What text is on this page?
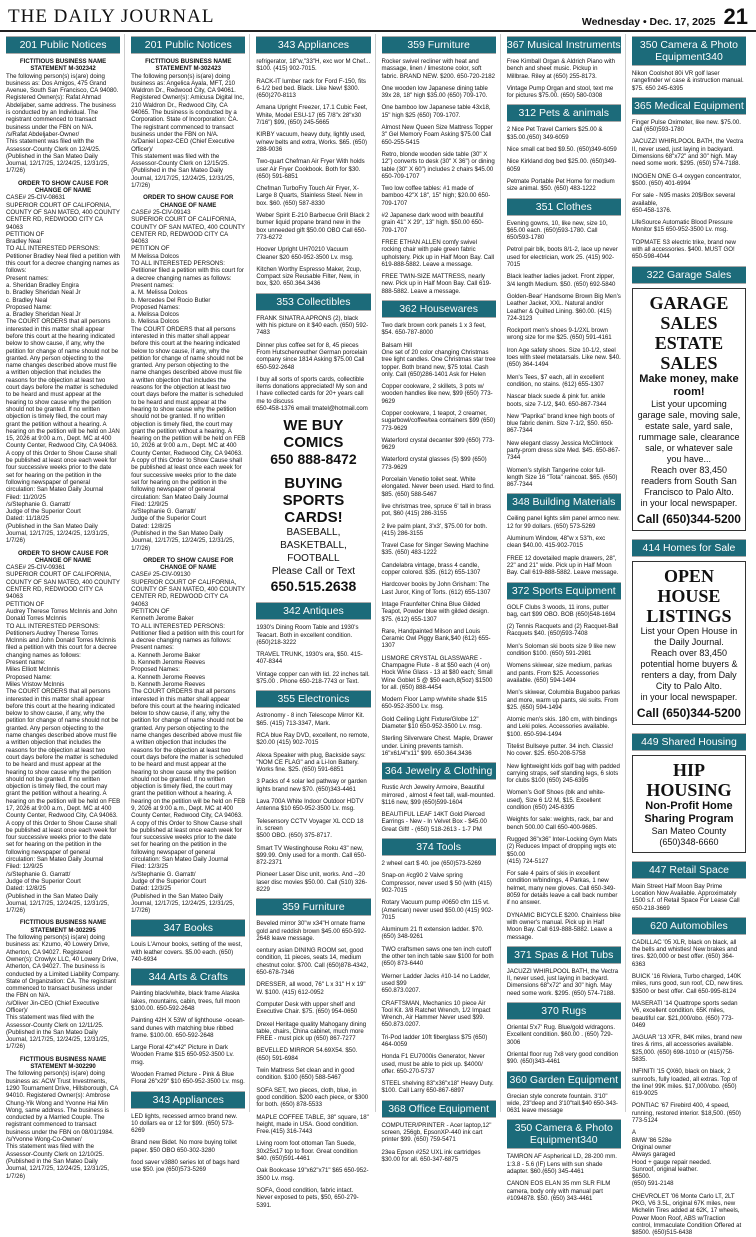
THE DAILY JOURNAL	Wednesday • Dec. 17, 2025 21
201 Public Notices
FICTITIOUS BUSINESS NAME STATEMENT M-302342
The following person(s) is(are) doing business as: Dos Amigos, 475 Grand Avenue, South San Francisco, CA 94080. Registered Owner(s): Rafat Ahmad Abdeljaber, same address. The business is conducted by an Individual. The registrant commenced to transact business under the FBN on N/A.
/s/Rafat Abdeljaber-Owner/
This statement was filed with the Assessor-County Clerk on 12/4/25. (Published in the San Mateo Daily Journal, 12/17/25, 12/24/25, 12/31/25, 1/7/26)
ORDER TO SHOW CAUSE FOR CHANGE OF NAME
CASE# 25-CIV-08631
SUPERIOR COURT OF CALIFORNIA, COUNTY OF SAN MATEO, 400 COUNTY CENTER RD, REDWOOD CITY CA 94063
PETITION OF
Bradley Neal
TO ALL INTERESTED PERSONS: Petitioner Bradley Neal filed a petition with this court for a decree changing names as follows:
Present names:
a. Sheridan Bradley Engira
b. Bradley Sheridan Neal Jr
c. Bradley Neal
Proposed Name:
a. Bradley Sheridan Neal Jr
The COURT ORDERS that all persons interested in this matter shall appear before this court at the hearing indicated below to show cause, if any, why the petition for change of name should not be granted. Any person objecting to the name changes described above must file a written objection that includes the reasons for the objection at least two court days before the matter is scheduled to be heard and must appear at the hearing to show cause why the petition should not be granted. If no written objection is timely filed, the court may grant the petition without a hearing. A hearing on the petition will be held on JAN 15, 2026 at 9:00 a.m., Dept. MC at 400 County Center, Redwood City, CA 94063. A copy of this Order to Show Cause shall be published at least once each week for four successive weeks prior to the date set for hearing on the petition in the following newspaper of general circulation: San Mateo Daily Journal
Filed: 11/20/25
/s/Stephanie G. Garratt/
Judge of the Superior Court
Dated: 11/18/25
(Published in the San Mateo Daily Journal, 12/17/25, 12/24/25, 12/31/25, 1/7/26)
ORDER TO SHOW CAUSE FOR CHANGE OF NAME
CASE# 25-CIV-09361
SUPERIOR COURT OF CALIFORNIA, COUNTY OF SAN MATEO, 400 COUNTY CENTER RD, REDWOOD CITY CA 94063
PETITION OF
Audrey Therese Torres McInnis and John Donald Torres McInnis
TO ALL INTERESTED PERSONS: Petitioners Audrey Therese Torres McInnis and John Donald Torres McInnis filed a petition with this court for a decree changing names as follows:
Present name:
Miles Elliott McInnis
Proposed Name:
Miles Vristow McInnis
The COURT ORDERS that all persons interested in this matter shall appear before this court at the hearing indicated below to show cause, if any, why the petition for change of name should not be granted. Any person objecting to the name changes described above must file a written objection that includes the reasons for the objection at least two court days before the matter is scheduled to be heard and must appear at the hearing to show cause why the petition should not be granted. If no written objection is timely filed, the court may grant the petition without a hearing. A hearing on the petition will be held on FEB 17, 2026 at 9:00 a.m., Dept. MC at 400 County Center, Redwood City, CA 94063. A copy of this Order to Show Cause shall be published at least once each week for four successive weeks prior to the date set for hearing on the petition in the following newspaper of general circulation: San Mateo Daily Journal
Filed: 12/9/25
/s/Stephanie G. Garratt/
Judge of the Superior Court
Dated: 12/8/25
(Published in the San Mateo Daily Journal, 12/17/25, 12/24/25, 12/31/25, 1/7/26)
FICTITIOUS BUSINESS NAME STATEMENT M-302295
The following person(s) is(are) doing business as: Kzumo, 40 Lowery Drive, Atherton, CA 94027. Registered Owner(s): Crowlyx LLC, 40 Lowery Drive, Atherton, CA 94027. The business is conducted by a Limited Liability Company. State of Organization: CA. The registrant commenced to transact business under the FBN on N/A.
/s/Oliver Jin-CEO (Chief Executive Officer)/
This statement was filed with the Assessor-County Clerk on 12/11/25. (Published in the San Mateo Daily Journal, 12/17/25, 12/24/25, 12/31/25, 1/7/26)
FICTITIOUS BUSINESS NAME STATEMENT M-302290
The following person(s) is(are) doing business as: ACW Trust Investments, 1290 Tournament Drive, Hillsborough, CA 94010. Registered Owner(s): Ambrose Chung-Yik Wong and Yvonne Hai Min Wong, same address. The business is conducted by a Married Couple. The registrant commenced to transact business under the FBN on 08/01/1984.
/s/Yvonne Wong-Co-Owner/
This statement was filed with the Assessor-County Clerk on 12/10/25. (Published in the San Mateo Daily Journal, 12/17/25, 12/24/25, 12/31/25, 1/7/26)
201 Public Notices
FICTITIOUS BUSINESS NAME STATEMENT M-302423
The following person(s) is(are) doing business as: Angelica Ayala, MFT, 210 Waldron Dr., Redwood City, CA 94061. Registered Owner(s): Amicusa Digital Inc, 210 Waldron Dr., Redwood City, CA 94065. The business is conducted by a Corporation. State of Incorporation: CA. The registrant commenced to transact business under the FBN on N/A.
/s/Daniel Lopez-CEO (Chief Executive Officer)/
This statement was filed with the Assessor-County Clerk on 12/15/25. (Published in the San Mateo Daily Journal, 12/17/25, 12/24/25, 12/31/25, 1/7/26)
ORDER TO SHOW CAUSE FOR CHANGE OF NAME
CASE# 25-CIV-09143
SUPERIOR COURT OF CALIFORNIA, COUNTY OF SAN MATEO, 400 COUNTY CENTER RD, REDWOOD CITY CA 94063
PETITION OF
M Melissa Dolcos
TO ALL INTERESTED PERSONS: Petitioner filed a petition with this court for a decree changing names as follows:
Present names:
a. M. Melissa Dolcos
b. Mercedes Del Rocio Butler
Proposed Names:
a. Melissa Dolcos
b. Melissa Dolcos
The COURT ORDERS that all persons interested in this matter shall appear before this court at the hearing indicated below to show cause, if any, why the petition for change of name should not be granted. Any person objecting to the name changes described above must file a written objection that includes the reasons for the objection at least two court days before the matter is scheduled to be heard and must appear at the hearing to show cause why the petition should not be granted. If no written objection is timely filed, the court may grant the petition without a hearing. A hearing on the petition will be held on FEB 10, 2026 at 9:00 a.m., Dept. MC at 400 County Center, Redwood City, CA 94063. A copy of this Order to Show Cause shall be published at least once each week for four successive weeks prior to the date set for hearing on the petition in the following newspaper of general circulation: San Mateo Daily Journal
Filed: 12/9/25
/s/Stephanie G. Garratt/
Judge of the Superior Court
Dated: 12/8/25
(Published in the San Mateo Daily Journal, 12/17/25, 12/24/25, 12/31/25, 1/7/26)
ORDER TO SHOW CAUSE FOR CHANGE OF NAME
CASE# 25-CIV-09130
SUPERIOR COURT OF CALIFORNIA, COUNTY OF SAN MATEO, 400 COUNTY CENTER RD, REDWOOD CITY CA 94063
PETITION OF
Kenneth Jerome Baker
TO ALL INTERESTED PERSONS: Petitioner filed a petition with this court for a decree changing names as follows:
Present names:
a. Kenneth Jerome Baker
b. Kenneth Jerome Reeves
Proposed Names:
a. Kenneth Jerome Reeves
b. Kenneth Jerome Reeves
The COURT ORDERS that all persons interested in this matter shall appear before this court at the hearing indicated below to show cause, if any, why the petition for change of name should not be granted. Any person objecting to the name changes described above must file a written objection that includes the reasons for the objection at least two court days before the matter is scheduled to be heard and must appear at the hearing to show cause why the petition should not be granted. If no written objection is timely filed, the court may grant the petition without a hearing. A hearing on the petition will be held on FEB 9, 2026 at 9:00 a.m., Dept. MC at 400 County Center, Redwood City, CA 94063. A copy of this Order to Show Cause shall be published at least once each week for four successive weeks prior to the date set for hearing on the petition in the following newspaper of general circulation: San Mateo Daily Journal
Filed: 12/3/25
/s/Stephanie G. Garratt/
Judge of the Superior Court
Dated: 12/3/25
(Published in the San Mateo Daily Journal, 12/17/25, 12/24/25, 12/31/25, 1/7/26)
347 Books
Louis L'Amour books, setting of the west, with leather covers. $5.00 each. (650) 740-6934
344 Arts & Crafts
Painting black/white, black frame Alaska lakes, mountains, cabin, trees, full moon $100.00. 650-592-2648
Painting 42H X 53W of lighthouse -ocean-sand dunes with matching blue ribbed frame. $100.00. 650-592-2648
Large Floral 42"x42" Picture in Dark Wooden Frame $15 650-952-3500 Lv. msg.
Wooden Framed Picture - Pink & Blue Floral 26"x29" $10 650-952-3500 Lv. msg.
343 Appliances
LED lights, recessed armco brand new. 10 dollars ea or 12 for $99. (650) 573-6269
Brand new Bidet. No more buying toilet paper. $50 OBO 650-302-3280
food saver v3880 series lot of bags hard use $50. joe (650)573-5269
343 Appliances
refrigerator, 18"w,"33"H, exc wor M Chef... $100. (415) 902-7015.
RACK-IT lumber rack for Ford F-150, fits 6-1/2 bed bed. Black. Like New! $300. (650)270-8113
Amana Upright Freezer, 17.1 Cubic Feet, White, Model ESU-17 (65 7/8"x 28"x30 7/16") $99, (650) 245-5665
KIRBY vacuum, heavy duty, lightly used, w/new belts and extra, Works. $65. (650) 288-9036
Two-quart Chefman Air Fryer With holds user Air Fryer Cookbook. Both for $30. (650) 591-6851
Chefman TurboFry Touch Air Fryer, X-Large 8 Quarts, Stainless Steel. New in box. $60. (650) 587-8330
Weber Spirit E-210 Barbecue Grill Black 2 burner liquid propane brand new in the box unneeded gift $50.00 OBO Call 650-773-6272
Hoover Upright UH70210 Vacuum Cleaner $20 650-952-3500 Lv. msg.
Kitchen Worthy Espresso Maker, 2cup, Compact size Reusable Filter, New, in box, $20. 650.364.3436
353 Collectibles
FRANK SINATRA APRONS (2), black with his picture on it $40 each. (650) 592-7483
Dinner plus coffee set for 8, 45 pieces From Hutschenreuther German porcelain company since 1814 Asking $75.00 Call 650-592-2648
I buy all sorts of sports cards, collectible items donations appreciated! My son and I have collected cards for 20+ years call me to discuss
650-458-1376 email tmatel@hotmail.com
WE BUY COMICS
650 888-8472
BUYING SPORTS CARDS!
BASEBALL, BASKETBALL, FOOTBALL
Please Call or Text
650.515.2638
342 Antiques
1930's Dining Room Table and 1930's Teacart. Both in excellent condition. (650)218-3222
TRAVEL TRUNK, 1930's era, $50. 415-407-8344
Vintage copper can with lid. 22 inches tall. $75.00 . Phone 650-218-7743 or Text.
355 Electronics
Astronomy - 8 inch Telescope Mirror Kit. $65. (415) 713-3347, Mark.
RCA blue Ray DVD, excellent, no remote, $20.00 (415) 902-7015
Alexa Speaker with plug, Backside says: "NOM CE FLAG" and a Li-Ion Battery. Works fine. $25. (650) 591-6851
3 Packs of 4 solar led pathway or garden lights brand new $70. (650)343-4461
Lava 700A White Indoor Outdoor HDTV Antenna $10 650-952-3500 Lv. msg.
Telesensory CCTV Voyager XL CCD 18 in. screen
$500 OBO. (650) 375-8717.
Smart TV Westinghouse Roku 43" new, $99.99. Only used for a month. Call 650-872-2371
Pioneer Laser Disc unit, works. And --20 laser disc movies $50.00. Call (510) 326-8229
359 Furniture
Beveled mirror 30"w x34"H ornate frame gold and reddish brown $45.00 650-592-2648 leave message.
century asian DINING ROOM set, good condition, 11 pieces, seats 14, medium chestnut color. $700. Call (650)878-4342, 650-678-7346
DRESSER, all wood, 76" L x 31" H x 19" W. $100. (415) 612-0952
Computer Desk with upper shelf and Executive Chair. $75. (650) 954-0650
Drexel Heritage quality Mahogany dining table, chairs, China cabinet, much more FREE - must pick up (650) 867-7277
BEVELLED MIRROR 54.69X54. $50. (650) 591-6984
Twin Mattress Set clean and in good condition. $100 (650) 588-5467
SOFA SET, two pieces, cloth, blue, in good condition. $200 each piece, or $300 for both. (650) 878-5533
MAPLE COFFEE TABLE, 38" square, 18" height, made in USA. Good condition. Free.(415) 316-7443
Living room foot ottoman Tan Suede, 30x25x17 top to floor. Great condition $40. (650)591-4461
Oak Bookcase 19"x62"x71" $65 650-952-3500 Lv. msg.
SOFA, Good condition, fabric intact. Never exposed to pets, $50, 650-279-5391.
359 Furniture
Rocker swivel recliner with heat and massage, linen / limestone color, soft fabric. BRAND NEW. $200. 650-720-2182
One wooden low Japanese dining table 39x 28, 18" high $35.00 (650) 709-170.
One bamboo low Japanese table 43x18, 15" high $25 (650) 709-1707.
Almost New Queen Size Mattress Topper 3" Gel Memory Foam Asking $75.00 Call 650-255-5415
Retro, blonde wooden side table (30" X 12") converts to desk (30" X 36") or dining table (30" X 60") includes 2 chairs $45.00 650-709-1707
Two low coffee tables: #1 made of bamboo 42"X 18", 15" high; $20.00 650-709-1707
#2 Japanese dark wood with beautiful grain 41" X 29", 13" high. $50.00 650-709-1707
FREE ETHAN ALLEN comfy swivel rocking chair with pale green fabric upholstery. Pick up in Half Moon Bay. Call 619-888-5882. Leave a message.
FREE TWIN-SIZE MATTRESS, nearly new. Pick up in Half Moon Bay. Call 619-888-5882. Leave a message.
362 Housewares
Two dark brown cork panels 1 x 3 feet, $54. 650-787-8000
Balsam Hill
One set of 20 color changing Christmas tree light candles. One Christmas star tree topper. Both brand new, $75 total. Cash only. Call (650)286-1401 Ask for Helen
Copper cookware, 2 skillets, 3 pots w/ wooden handles like new, $99 (650) 773-9629
Copper cookware, 1 teapot, 2 creamer, sugarbowl/coffee/tea containers $99 (650) 773-9629
Waterford crystal decanter $99 (650) 773-9629
Waterford crystal glasses (5) $99 (650) 773-9629
Porcelain Venetio toilet seat. White elongated. Never been used. Hard to find. $85. (650) 588-5467
live christmas tree, spruce 6' tall in brass pot, $60 (415) 286-3155
2 live palm plant, 3'x3', $75.00 for both. (415) 286-3155
Travel Case for Singer Sewing Machine $35. (650) 483-1222
Candelabra vintage, brass 4 candle, copper colored. $35. (612) 655-1307
Hardcover books by John Grisham: The Last Juror, King of Torts. (612) 655-1307
Intage Fraunfelter China Blue Gilded Teapot, Powder blue with gilded design. $75. (612) 655-1307
Rare, Handpainted Milson and Louis Ceramic Owl Piggy Bank,$40 (612) 655-1307
LISMORE CRYSTAL GLASSWARE - Champagne Flute - 8 at $50 each (4 on) Hock Wine Glass - 13 at $80 each; Small Wine Goblet 5 @ $50 each,8(5oz) $1500 for all. (650) 888-4454
Modern Floor Lamp w/white shade $15 650-952-3500 Lv. msg.
Gold Ceiling Light Fixture/Globe 12" Diameter $10 650-952-3500 Lv. msg.
Sterling Silverware Chest. Maple, Drawer under. Lining prevents tarnish. 16"x61/4"x11" $99. 650.364.3436
364 Jewelry & Clothing
Rustic Arch Jewelry Armoire, Beautiful mirrored , almost 4 feet tall, wall-mounted. $116 new, $99 (650)599-1604
BEAUTIFUL LEAF 14KT Gold Pierced Earrings - New - In Velvet Box - $45.00 Great Gift! - (650) 518-2613 - 1-7 PM
374 Tools
2 wheel cart $ 40. joe (650)573-5269
Snap-on #cg90 2 Valve spring Compressor, never used $ 50 (with (415) 902-7015
Rotary Vacuum pump #0650 cfm 115 vt. (American) never used $50.00 (415) 902-7015
Aluminum 21 ft extension ladder. $70. (650) 348-9261
TWO craftsmen saws one ten inch cutoff the other ten inch table saw $100 for both
(650) 873-6440
Werner Ladder Jacks #10-14 no Ladder, used $99
650.873.0207.
CRAFTSMAN, Mechanics 10 piece Air Tool Kit. 3/8 Ratchet Wrench, 1/2 Impact Wrench, Air Hammer Never used $99. 650.873.0207.
Tri-Pod ladder 10ft fiberglass $75 (650) 464-0059
Honda F1 EU7000is Generator, Never used, must be able to pick up. $4000/ offer. 650-270-5737
STEEL shelving 83"x36"x18" Heavy Duty. $100. Call Larry 650-867-6897
368 Office Equipment
COMPUTER/PRINTER - Acer laptop,12" screen, 256gb, EpsonXP-440 ink cart printer $99. (650) 759-5471
23ea Epson #252 UXL ink cartridges $30.00 for all. 650-347-6875
367 Musical Instruments
Free Kimball Organ & Aldrich Piano with bench and sheet music. Pickup in Millbrae. Riley at (650) 255-8173.
Vintage Pump Organ and stool, text me for pictures $75.00. (650) 580-0308
312 Pets & animals
2 Nice Pet Travel Carriers $25.00 & $35.00.(650) 349-6059
Nice small cat bed $9.50. (650)349-6059
Nice Kirkland dog bed $25.00. (650)349-6059
Petmate Portable Pet Home for medium size animal. $50. (650) 483-1222
351 Clothes
Evening gowns, 10, like new, size 10, $65.00 each. (650)593-1780. Call 650/593-1780
Petrol pair blk, boots 8/1-2, lace up never used for electrician, work 25. (415) 902-7015
Black leather ladies jacket. Front zipper, 3/4 length Medium. $50. (650) 692-5840
Golden-Bear' Handsome Brown Big Men's Leather Jacket, XXL. Natural and/or Leather & Quilted Lining. $60.00. (415) 724-3123
Rockport men's shoes 9-1/2XL brown wrong size for me $25. (650) 591-4161
Iron Age safety shoes. Size 10-1/2, steel toes with steel metatarsals. Like new. $40.(650) 364-1494
Men's Tees, $7 each, all in excellent condition, no stains. (612) 655-1307
Nascar black suede & pink fur. ankle boots, size 7-1/2, $40. 650-867-7344
New "Paprika" brand knee high boots of blue fabric denim. Size 7-1/2, $50. 650-867-7344
New elegant classy Jessica McClintock party-prom dress size Med. $45. 650-867-7344
Women's stylish Tangerine color full-length Size 16 "Tota" raincoat. $65. (650) 867-7344
348 Building Materials
Ceiling panel lights slim panel armco new. 12 for 99 dollars. (650) 573-5269
Aluminum Window, 48"w x 53"h, exc clean $40.00. 415-902-7015
FREE 12 dovetailed maple drawers, 28", 22" and 21" wide. Pick up in Half Moon Bay. Call 619-888-5882. Leave message.
372 Sports Equipment
GOLF Clubs 3 woods, 11 irons, putter bag, cart $99 OBO. BOB (650)548-1694
(2) Tennis Racquets and (2) Racquet-Ball Racquets $40. (650)593-7408
Men's Soloman ski boots size 9 like new condition $100. (650) 591-2981
Womens skiwear, size medium, parkas and pants. From $25. Accessories available. (650) 594-1494
Men's skiwear, Columbia Bugaboo parkas and more, warm up pants, ski suits. From $25. (650) 594-1494
Atomic men's skis. 180 cm, with bindings and Leki poles. Accessories available. $100. 650-594-1494
Titelist Bullseye putter. 34 inch. Classic! No cover. $25. 650-208-5758
New lightweight kids golf bag with padded carrying straps, self standing legs, 6 slots for clubs $100 (650) 245-6395
Women's Golf Shoes (blk and white-used), Size 6 1/2 M, $15. Excellent condition (650) 245-6395
Weights for sale: weights, rack, bar and bench 500.00 Call 650-400-9685.
Rugged 36"x36" Inter-Locking Gym Mats (2) Reduces Impact of dropping wgts etc $50.00
(415) 724-5127
For sale 4 pairs of skis in excellent condition w/bindings, 4 Parkas, 1 new helmet, many new gloves. Call 650-349-8059 for details leave a call back number if no answer.
DYNAMIC BICYCLE $200. Chainless bike with owner's manual. Pick up in Half Moon Bay. Call 619-888-5882. Leave a message.
371 Spas & Hot Tubs
JACUZZI WHIRLPOOL BATH, the Vectra II, never used, just laying in backyard. Dimensions 68"x72" and 30" high. May need some work. $295. (650) 574-7188.
370 Rugs
Oriental 5'x7' Rug. Blue/gold w/dragons. Excellent condition. $60.00 . (650) 729-3006
Oriental floor rug 7x8 very good condition $90. (650)343-4461
360 Garden Equipment
Grecian style concrete fountain. 3'10" wide, 23"deep and 3'10"tall.$40 650-343-0631 leave message
350 Camera & Photo Equipment340
TAMRON AF Aspherical LD, 28-200 mm. 1:3.8 - 5.6 (IF) Lens with sun shade adapter. $60.(650) 345-4461
CANON EOS ELAN 35 mm SLR FILM camera, body only with manual part #1094878. $50. (650) 343-4461
350 Camera & Photo Equipment340
Nikon Coolshot 80i VR golf laser rangefinder w/ case & instruction manual. $75. 650 245-6395
365 Medical Equipment
Finger Pulse Oximeter, like new. $75.00. Call (650)593-1780
JACUZZI WHIRLPOOL BATH, the Vectra II, never used, just laying in backyard. Dimensions 68"x72" and 30" high. May need some work. $295. (650) 574-7188.
INOGEN ONE G-4 oxygen concentrator, $500. (650) 401-6994
For sale - N95 masks 20$/Box several available,
650-458-1376.
LifeSource Automatic Blood Pressure Monitor $15 650-952-3500 Lv. msg.
TOPMATE S3 electric trike, brand new with all accessories. $400. MUST GO! 650-598-4044
322 Garage Sales
GARAGE SALES ESTATE SALES
Make money, make room!
List your upcoming garage sale, moving sale, estate sale, yard sale, rummage sale, clearance sale, or whatever sale you have...
Reach over 83,450 readers from South San Francisco to Palo Alto.
in your local newspaper.
Call (650)344-5200
414 Homes for Sale
OPEN HOUSE LISTINGS
List your Open House in the Daily Journal.
Reach over 83,450 potential home buyers & renters a day, from Daly City to Palo Alto.
in your local newspaper.
Call (650)344-5200
449 Shared Housing
HIP HOUSING
Non-Profit Home Sharing Program
San Mateo County (650)348-6660
447 Retail Space
Main Street Half Moon Bay Prime Location Now Available. Approximately 1500 s.f. of Retail Space For Lease Call 650-218-3669
620 Automobiles
CADILLAC '05 XLR, black on black, all the bells and whistles! New brakes and tires. $20,000 or best offer. (650) 364-6363
BUICK '16 Riviera, Turbo charged, 140K miles, runs good, sun roof, CD, new tires. $3500 or best offer. Call 650-995-8124
MASERATI '14 Quattrope sports sedan V6, excellent condition. 65K miles, beautiful car. $21,000/obo. (650) 773-0469
JAGUAR '13 XFR, 84K miles, brand new tires & rims, all accessories available. $25,000. (650) 698-1010 or (415)756-5835.
INFINITI '15 QX60, black on black, 2 sunroofs, fully loaded, all extras. Top of the line! 99K miles. $17,000/obo. (650) 619-9025
PONTIAC '67 Firebird 400, 4 speed, running, restored interior. $18,500. (650) 773-5124
A
BMW '86 528e
Original owner
Always garaged
Hood + gauge repair needed.
Sunroof, original leather.
$6500.
(650) 591-2148
CHEVROLET '06 Monte Carlo LT, 2LT PKG, V6 3.5L, original 67K miles, new Michelin Tires added at 62K, 17 wheels, Power Moon Roof, ABS w/Traction control, Immaculate Condition Offered at $8500. (650)515-6438
